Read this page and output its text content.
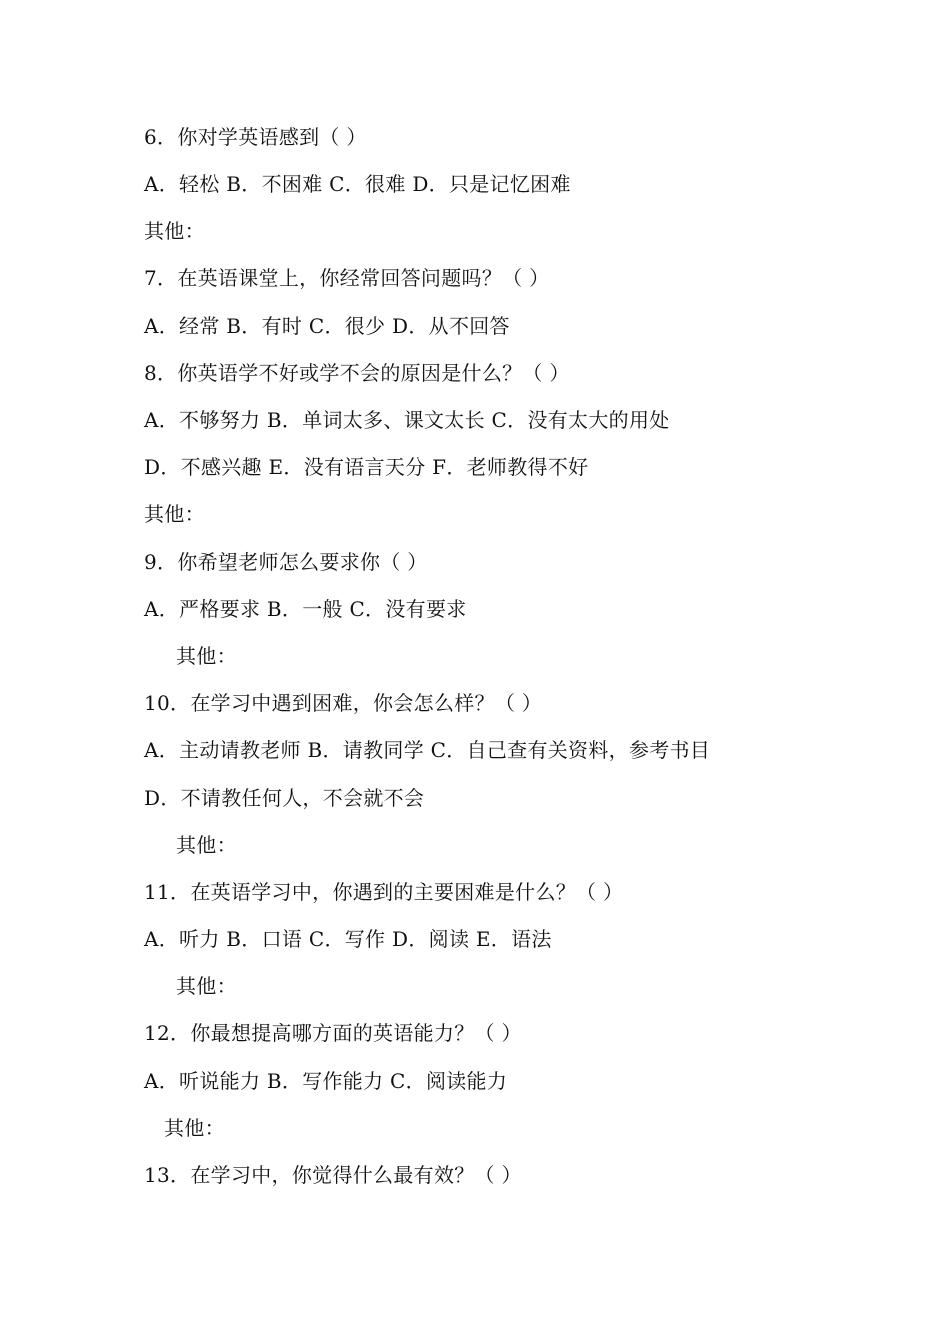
6．你对学英语感到（ ）
A．轻松 B．不困难 C．很难 D．只是记忆困难
其他：
7．在英语课堂上，你经常回答问题吗？（ ）
A．经常 B．有时 C．很少 D．从不回答
8．你英语学不好或学不会的原因是什么？（ ）
A．不够努力 B．单词太多、课文太长 C．没有太大的用处
D．不感兴趣 E．没有语言天分 F．老师教得不好
其他：
9．你希望老师怎么要求你（ ）
A．严格要求 B．一般 C．没有要求
其他：
10．在学习中遇到困难，你会怎么样？（ ）
A．主动请教老师 B．请教同学 C．自己查有关资料，参考书目
D．不请教任何人，不会就不会
其他：
11．在英语学习中，你遇到的主要困难是什么？（ ）
A．听力 B．口语 C．写作 D．阅读 E．语法
其他：
12．你最想提高哪方面的英语能力？（ ）
A．听说能力 B．写作能力 C．阅读能力
其他：
13．在学习中，你觉得什么最有效？（ ）
